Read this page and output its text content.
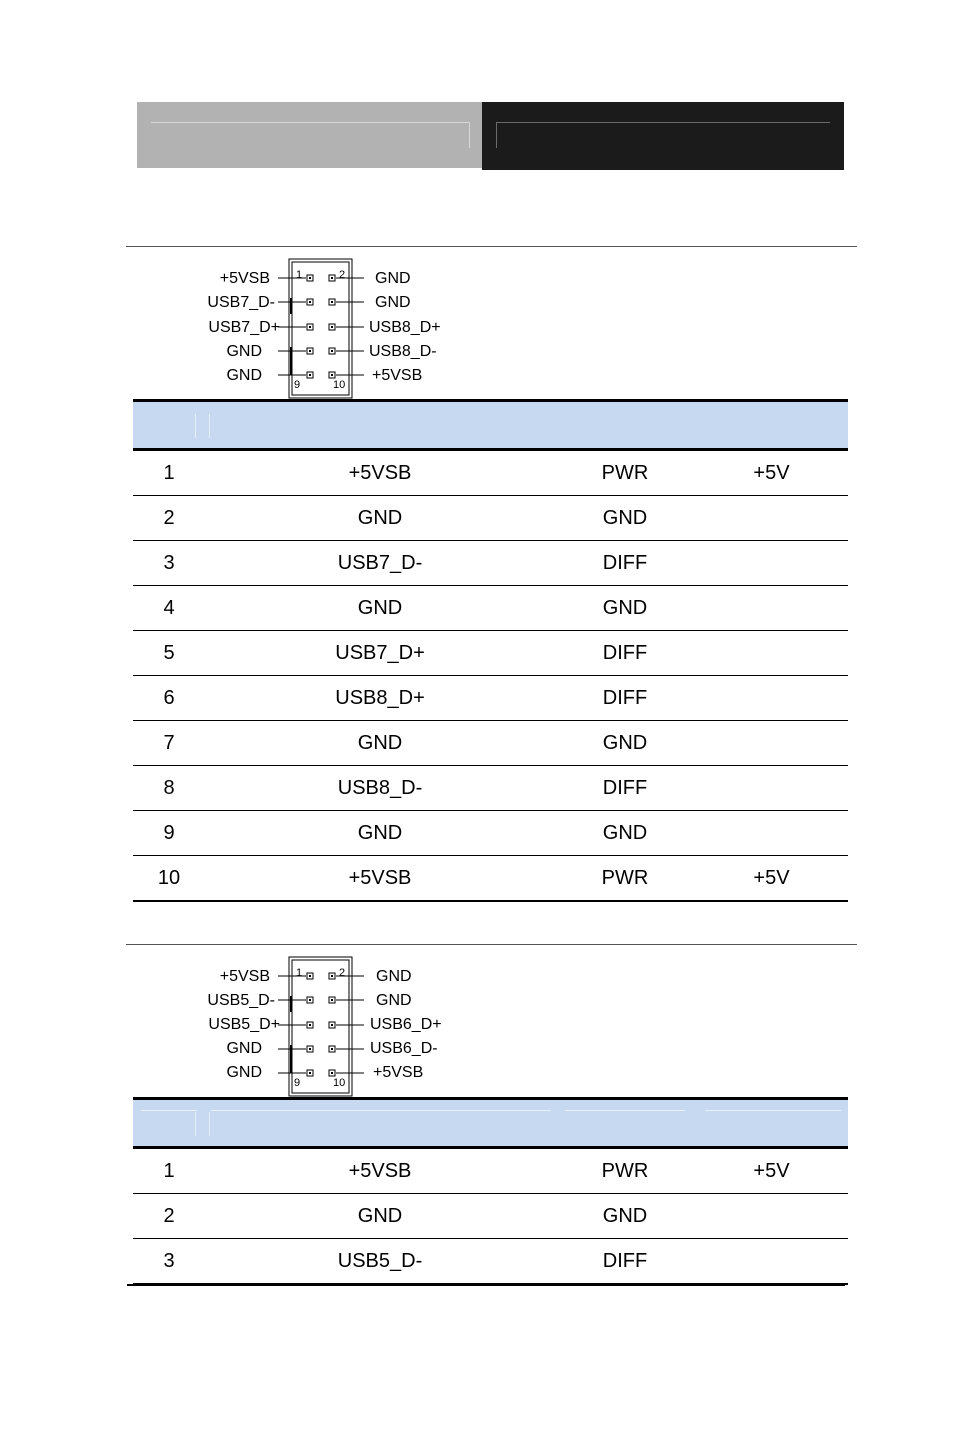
1	2
9	10
+5VSB
USB7_D-
USB7_D+
GND
GND
GND
GND
USB8_D+
USB8_D-
+5VSB

1	+5VSB	PWR	+5V
2	GND	GND	
3	USB7_D-	DIFF	
4	GND	GND	
5	USB7_D+	DIFF	
6	USB8_D+	DIFF	
7	GND	GND	
8	USB8_D-	DIFF	
9	GND	GND	
10	+5VSB	PWR	+5V
1	2
9	10
+5VSB
USB5_D-
USB5_D+
GND
GND
GND
GND
USB6_D+
USB6_D-
+5VSB

1	+5VSB	PWR	+5V
2	GND	GND	
3	USB5_D-	DIFF	
